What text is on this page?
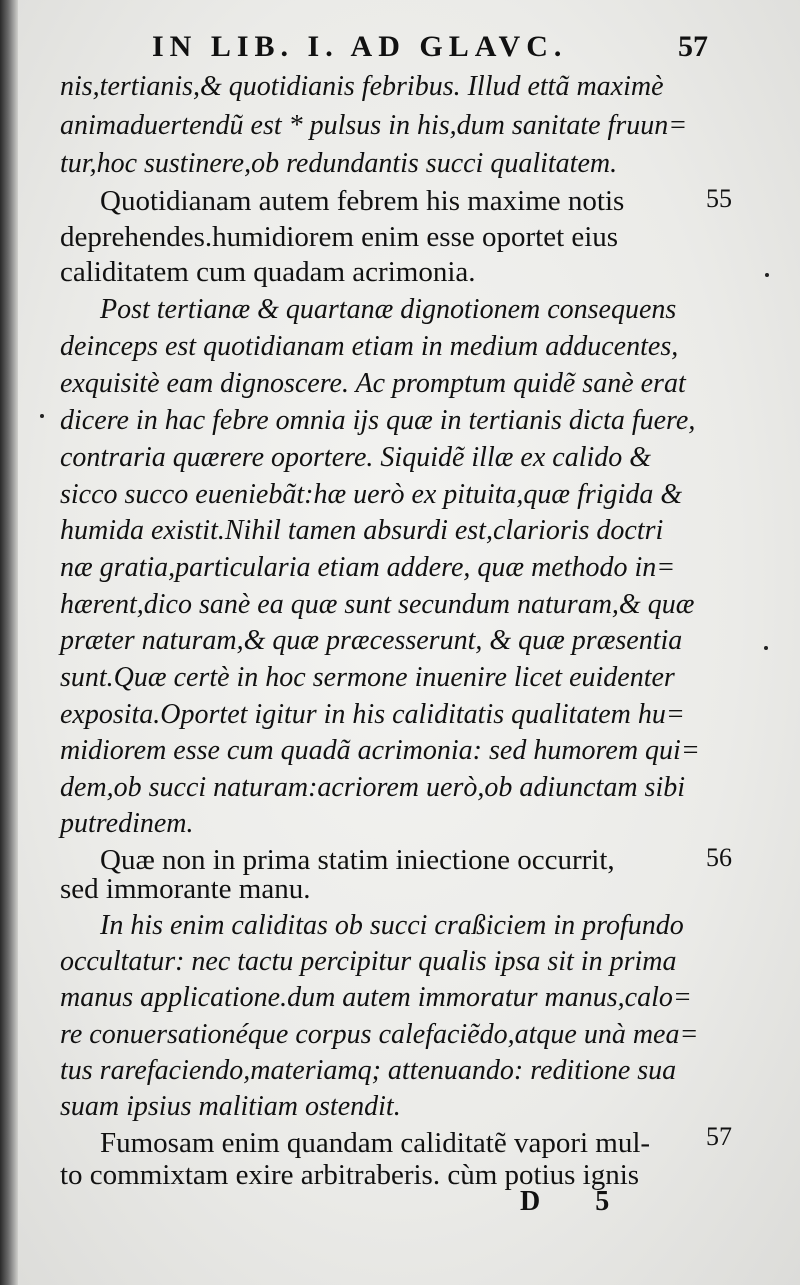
IN LIB. I. AD GLAVC.	57
nis,tertianis,& quotidianis febribus. Illud ettã maximè
animaduertendũ est * pulsus in his,dum sanitate fruun=
tur,hoc sustinere,ob redundantis succi qualitatem.
Quotidianam autem febrem his maxime notis
deprehendes.humidiorem enim esse oportet eius
caliditatem cum quadam acrimonia.
Post tertianæ & quartanæ dignotionem consequens
deinceps est quotidianam etiam in medium adducentes,
exquisitè eam dignoscere. Ac promptum quidẽ sanè erat
dicere in hac febre omnia ijs quæ in tertianis dicta fuere,
contraria quærere oportere. Siquidẽ illæ ex calido &
sicco succo eueniebãt:hæ uerò ex pituita,quæ frigida &
humida existit.Nihil tamen absurdi est,clarioris doctri
næ gratia,particularia etiam addere, quæ methodo in=
hærent,dico sanè ea quæ sunt secundum naturam,& quæ
præter naturam,& quæ præcesserunt, & quæ præsentia
sunt.Quæ certè in hoc sermone inuenire licet euidenter
exposita.Oportet igitur in his caliditatis qualitatem hu=
midiorem esse cum quadã acrimonia: sed humorem qui=
dem,ob succi naturam:acriorem uerò,ob adiunctam sibi
putredinem.
Quæ non in prima statim iniectione occurrit,
sed immorante manu.
In his enim caliditas ob succi craßiciem in profundo
occultatur: nec tactu percipitur qualis ipsa sit in prima
manus applicatione.dum autem immoratur manus,calo=
re conuersationéque corpus calefaciẽdo,atque unà mea=
tus rarefaciendo,materiamq; attenuando: reditione sua
suam ipsius malitiam ostendit.
Fumosam enim quandam caliditatẽ vapori mul-
to commixtam exire arbitraberis. cùm potius ignis
55
56
57
D 5
